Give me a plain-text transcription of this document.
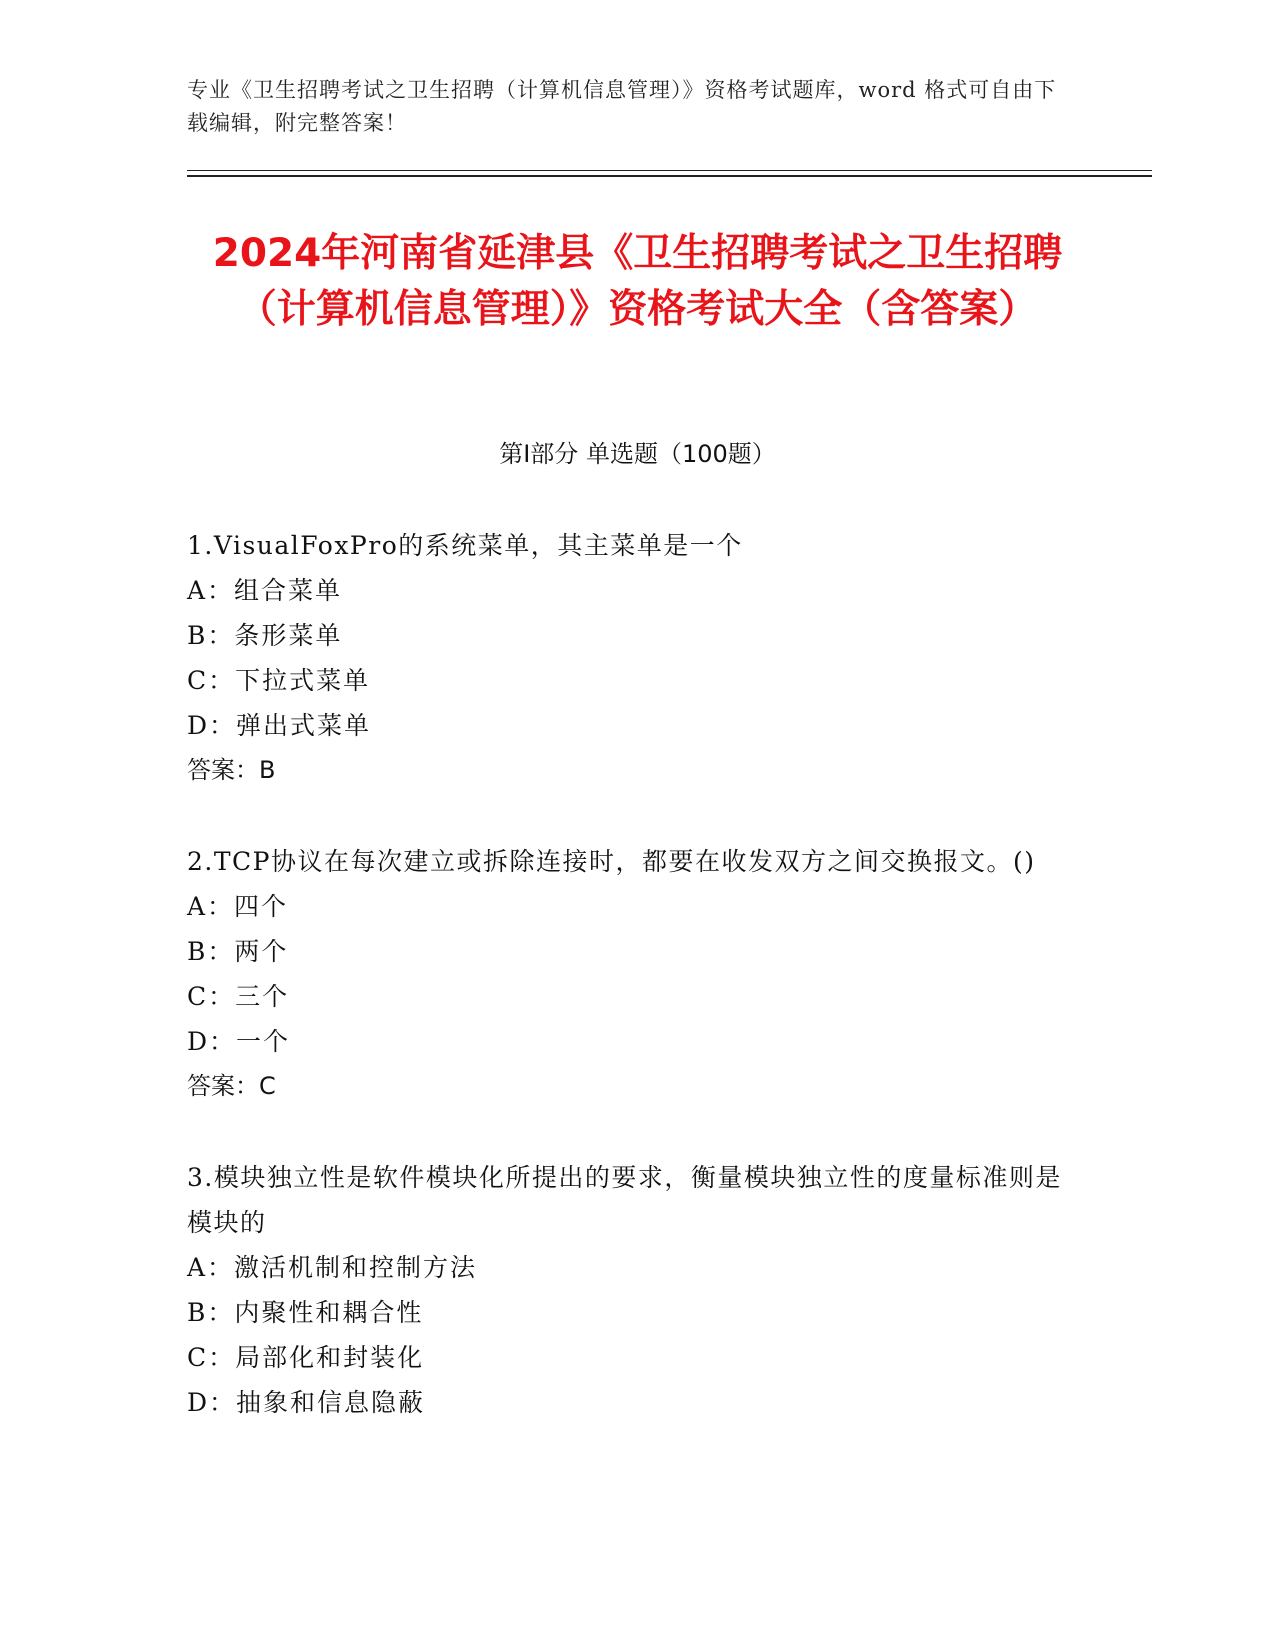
专业《卫生招聘考试之卫生招聘（计算机信息管理）》资格考试题库，word 格式可自由下载编辑，附完整答案！
2024年河南省延津县《卫生招聘考试之卫生招聘（计算机信息管理）》资格考试大全（含答案）
第Ⅰ部分 单选题（100题）
1.VisualFoxPro的系统菜单，其主菜单是一个
A：组合菜单
B：条形菜单
C：下拉式菜单
D：弹出式菜单
答案：B
2.TCP协议在每次建立或拆除连接时，都要在收发双方之间交换报文。()
A：四个
B：两个
C：三个
D：一个
答案：C
3.模块独立性是软件模块化所提出的要求，衡量模块独立性的度量标准则是模块的
A：激活机制和控制方法
B：内聚性和耦合性
C：局部化和封装化
D：抽象和信息隐蔽
